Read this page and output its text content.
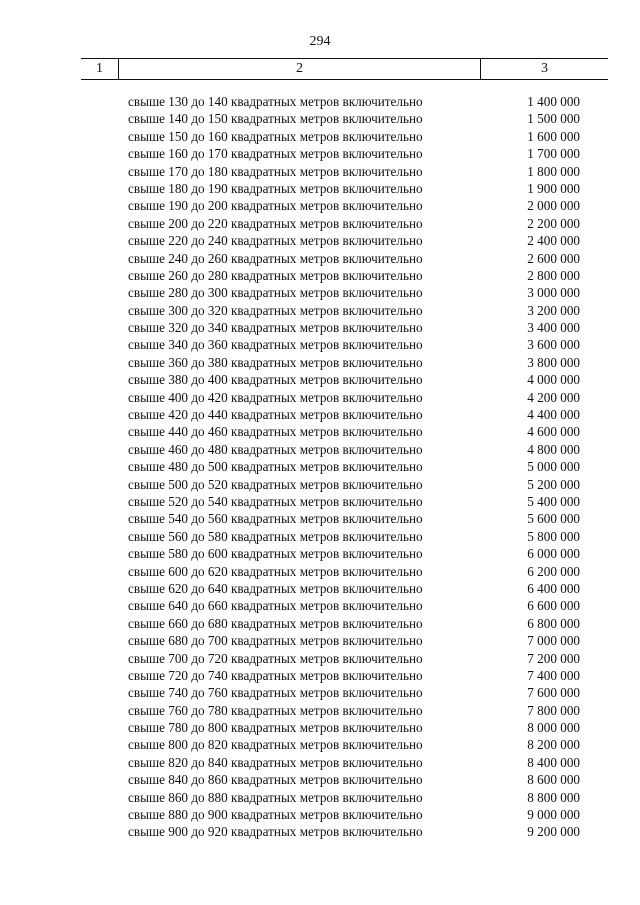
294
1	2	3
свыше 130 до 140 квадратных метров включительно	1 400 000
свыше 140 до 150 квадратных метров включительно	1 500 000
свыше 150 до 160 квадратных метров включительно	1 600 000
свыше 160 до 170 квадратных метров включительно	1 700 000
свыше 170 до 180 квадратных метров включительно	1 800 000
свыше 180 до 190 квадратных метров включительно	1 900 000
свыше 190 до 200 квадратных метров включительно	2 000 000
свыше 200 до 220 квадратных метров включительно	2 200 000
свыше 220 до 240 квадратных метров включительно	2 400 000
свыше 240 до 260 квадратных метров включительно	2 600 000
свыше 260 до 280 квадратных метров включительно	2 800 000
свыше 280 до 300 квадратных метров включительно	3 000 000
свыше 300 до 320 квадратных метров включительно	3 200 000
свыше 320 до 340 квадратных метров включительно	3 400 000
свыше 340 до 360 квадратных метров включительно	3 600 000
свыше 360 до 380 квадратных метров включительно	3 800 000
свыше 380 до 400 квадратных метров включительно	4 000 000
свыше 400 до 420 квадратных метров включительно	4 200 000
свыше 420 до 440 квадратных метров включительно	4 400 000
свыше 440 до 460 квадратных метров включительно	4 600 000
свыше 460 до 480 квадратных метров включительно	4 800 000
свыше 480 до 500 квадратных метров включительно	5 000 000
свыше 500 до 520 квадратных метров включительно	5 200 000
свыше 520 до 540 квадратных метров включительно	5 400 000
свыше 540 до 560 квадратных метров включительно	5 600 000
свыше 560 до 580 квадратных метров включительно	5 800 000
свыше 580 до 600 квадратных метров включительно	6 000 000
свыше 600 до 620 квадратных метров включительно	6 200 000
свыше 620 до 640 квадратных метров включительно	6 400 000
свыше 640 до 660 квадратных метров включительно	6 600 000
свыше 660 до 680 квадратных метров включительно	6 800 000
свыше 680 до 700 квадратных метров включительно	7 000 000
свыше 700 до 720 квадратных метров включительно	7 200 000
свыше 720 до 740 квадратных метров включительно	7 400 000
свыше 740 до 760 квадратных метров включительно	7 600 000
свыше 760 до 780 квадратных метров включительно	7 800 000
свыше 780 до 800 квадратных метров включительно	8 000 000
свыше 800 до 820 квадратных метров включительно	8 200 000
свыше 820 до 840 квадратных метров включительно	8 400 000
свыше 840 до 860 квадратных метров включительно	8 600 000
свыше 860 до 880 квадратных метров включительно	8 800 000
свыше 880 до 900 квадратных метров включительно	9 000 000
свыше 900 до 920 квадратных метров включительно	9 200 000
